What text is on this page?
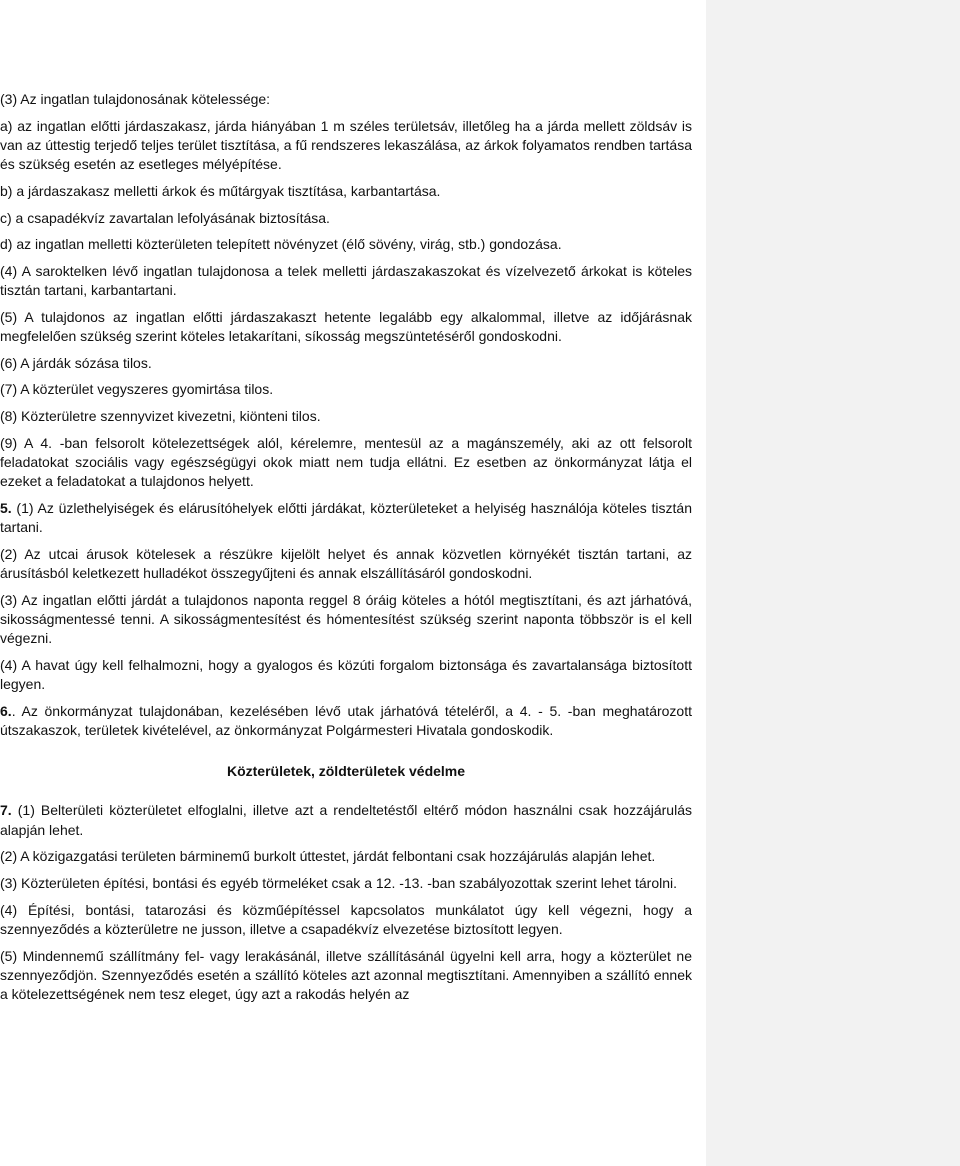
(3) Az ingatlan tulajdonosának kötelessége:

a) az ingatlan előtti járdaszakasz, járda hiányában 1 m széles területsáv, illetőleg ha a járda mellett zöldsáv is van az úttestig terjedő teljes terület tisztítása, a fű rendszeres lekaszálása, az árkok folyamatos rendben tartása és szükség esetén az esetleges mélyépítése.

b) a járdaszakasz melletti árkok és műtárgyak tisztítása, karbantartása.

c) a csapadékvíz zavartalan lefolyásának biztosítása.

d) az ingatlan melletti közterületen telepített növényzet (élő sövény, virág, stb.) gondozása.

(4) A saroktelken lévő ingatlan tulajdonosa a telek melletti járdaszakaszokat és vízelvezető árkokat is köteles tisztán tartani, karbantartani.

(5) A tulajdonos az ingatlan előtti járdaszakaszt hetente legalább egy alkalommal, illetve az időjárásnak megfelelően szükség szerint köteles letakarítani, síkosság megszüntetéséről gondoskodni.

(6) A járdák sózása tilos.

(7) A közterület vegyszeres gyomirtása tilos.

(8) Közterületre szennyvizet kivezetni, kiönteni tilos.

(9) A 4. -ban felsorolt kötelezettségek alól, kérelemre, mentesül az a magánszemély, aki az ott felsorolt feladatokat szociális vagy egészségügyi okok miatt nem tudja ellátni. Ez esetben az önkormányzat látja el ezeket a feladatokat a tulajdonos helyett.

5. (1) Az üzlethelyiségek és elárusítóhelyek előtti járdákat, közterületeket a helyiség használója köteles tisztán tartani.

(2) Az utcai árusok kötelesek a részükre kijelölt helyet és annak közvetlen környékét tisztán tartani, az árusításból keletkezett hulladékot összegyűjteni és annak elszállításáról gondoskodni.

(3) Az ingatlan előtti járdát a tulajdonos naponta reggel 8 óráig köteles a hótól megtisztítani, és azt járhatóvá, sikosságmentessé tenni. A sikosságmentesítést és hómentesítést szükség szerint naponta többször is el kell végezni.

(4) A havat úgy kell felhalmozni, hogy a gyalogos és közúti forgalom biztonsága és zavartalansága biztosított legyen.

6.. Az önkormányzat tulajdonában, kezelésében lévő utak járhatóvá tételéről, a 4. - 5. -ban meghatározott útszakaszok, területek kivételével, az önkormányzat Polgármesteri Hivatala gondoskodik.

Közterületek, zöldterületek védelme

7. (1) Belterületi közterületet elfoglalni, illetve azt a rendeltetéstől eltérő módon használni csak hozzájárulás alapján lehet.

(2) A közigazgatási területen bárminemű burkolt úttestet, járdát felbontani csak hozzájárulás alapján lehet.

(3) Közterületen építési, bontási és egyéb törmeléket csak a 12. -13. -ban szabályozottak szerint lehet tárolni.

(4) Építési, bontási, tatarozási és közműépítéssel kapcsolatos munkálatot úgy kell végezni, hogy a szennyeződés a közterületre ne jusson, illetve a csapadékvíz elvezetése biztosított legyen.

(5) Mindennemű szállítmány fel- vagy lerakásánál, illetve szállításánál ügyelni kell arra, hogy a közterület ne szennyeződjön. Szennyeződés esetén a szállító köteles azt azonnal megtisztítani. Amennyiben a szállító ennek a kötelezettségének nem tesz eleget, úgy azt a rakodás helyén az
